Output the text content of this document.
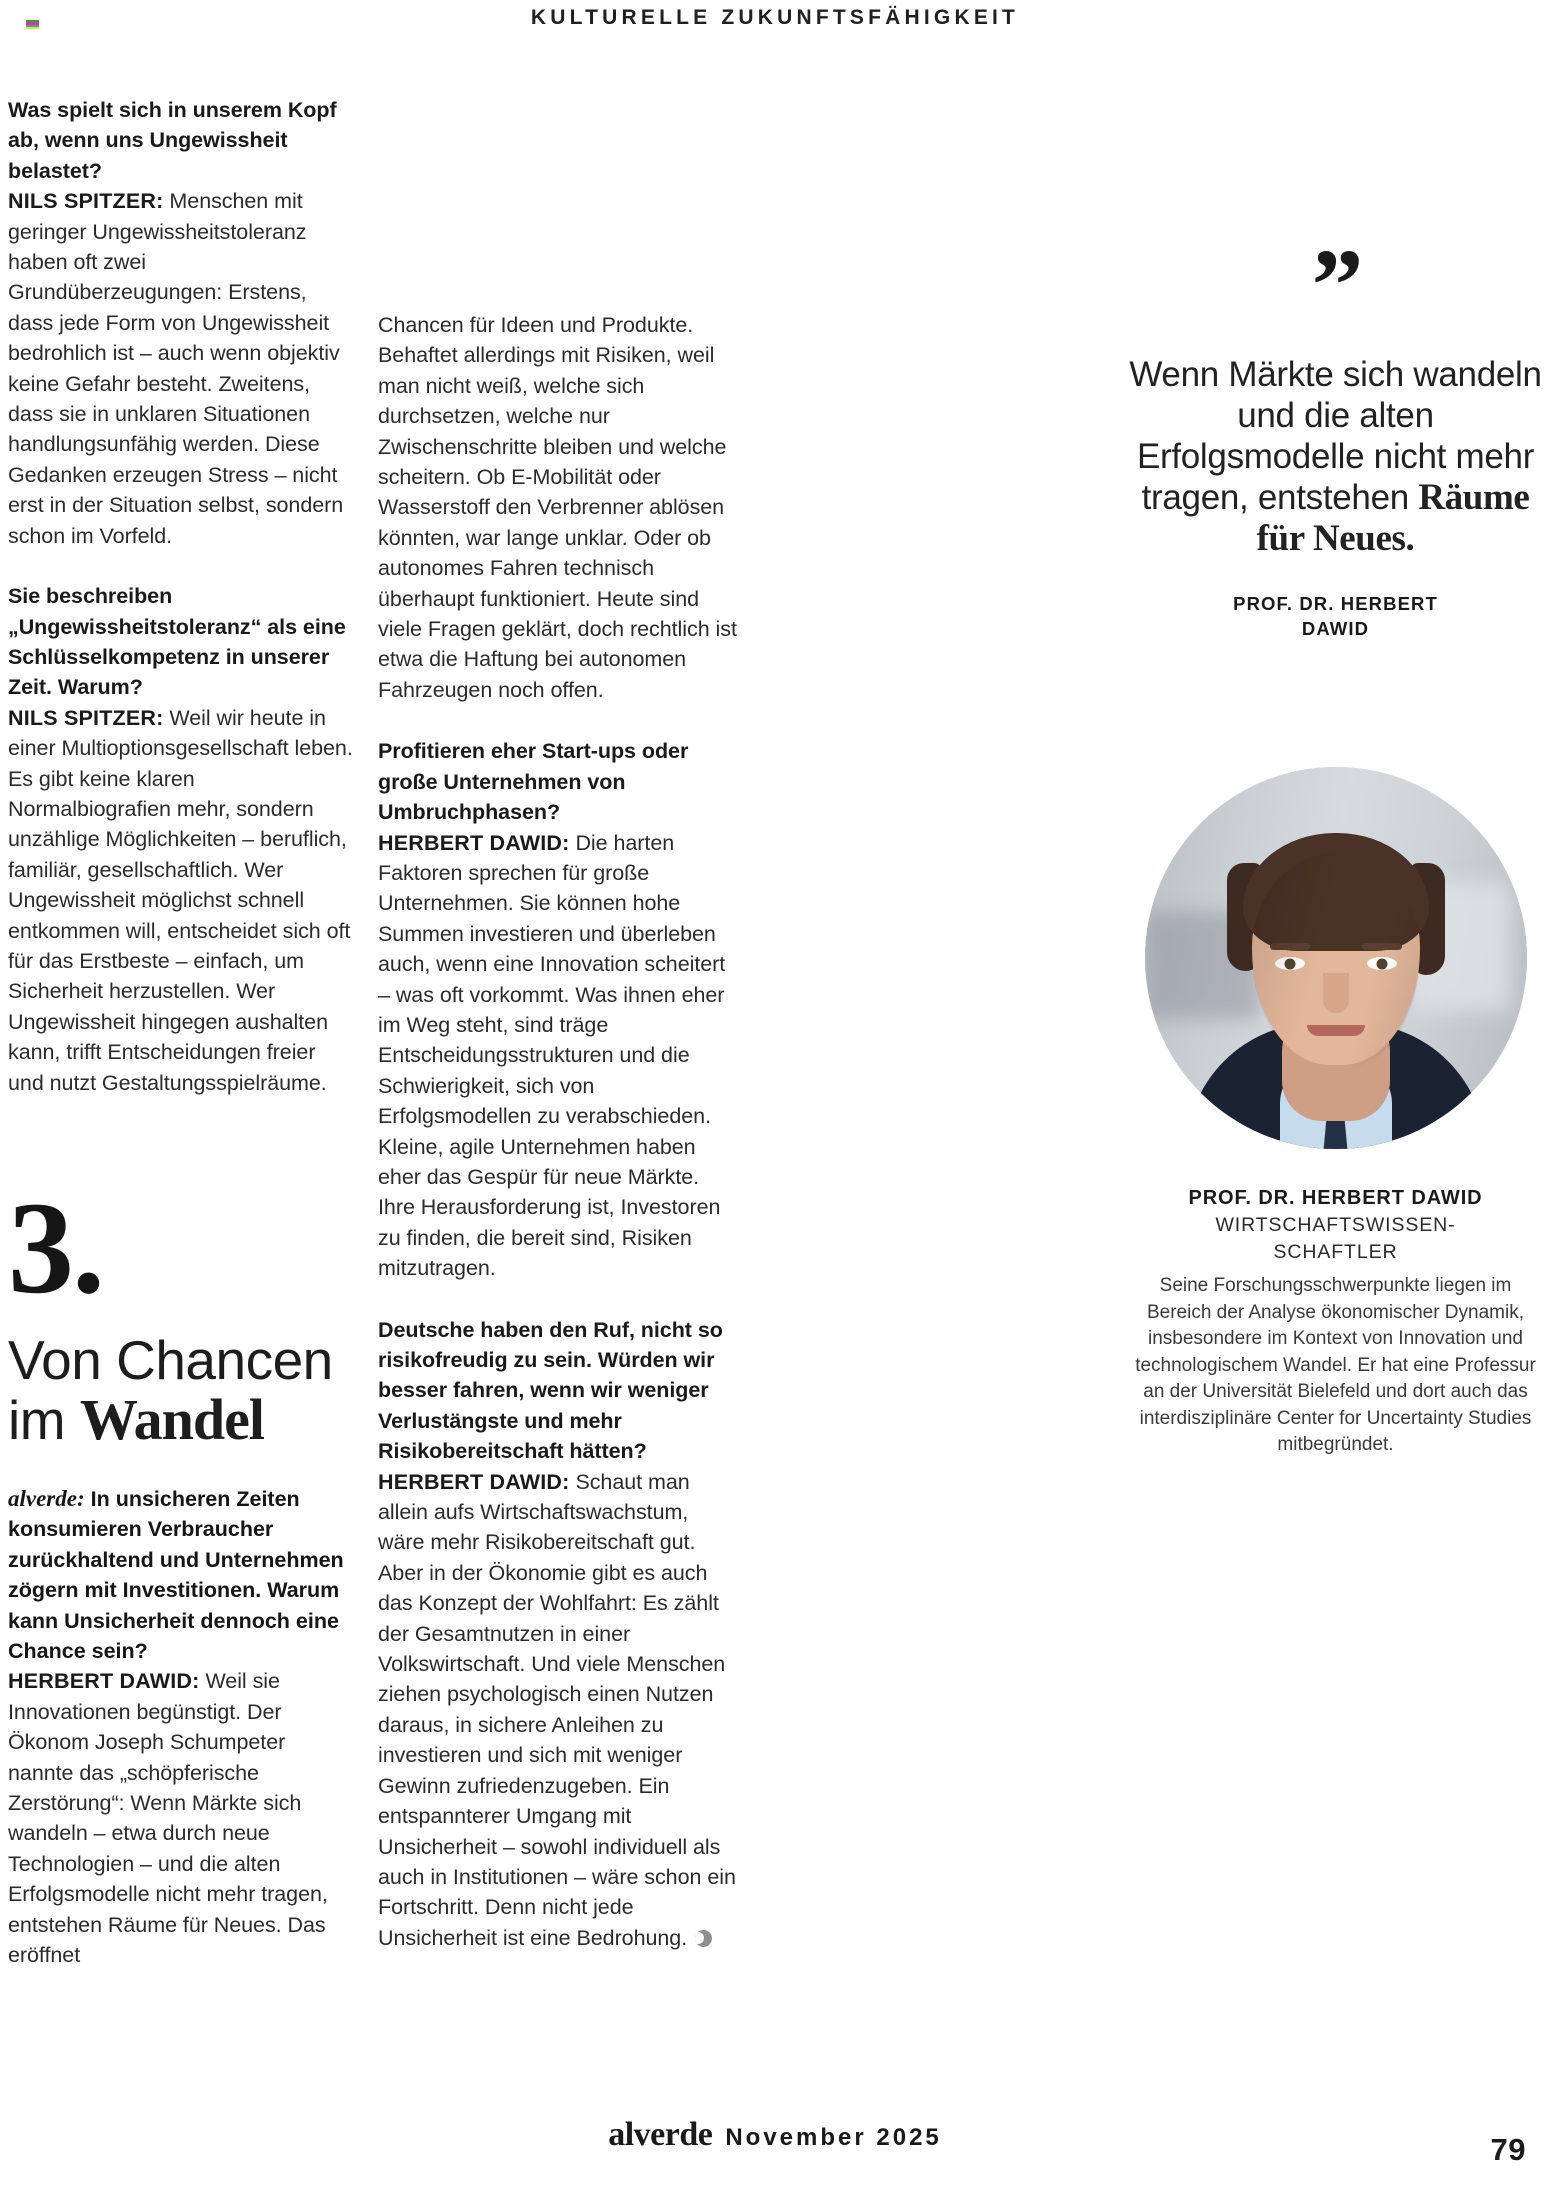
KULTURELLE ZUKUNFTSFÄHIGKEIT

Was spielt sich in unserem Kopf ab, wenn uns Ungewissheit belastet?

NILS SPITZER: Menschen mit geringer Ungewissheitstoleranz haben oft zwei Grundüberzeugungen: Erstens, dass jede Form von Ungewissheit bedrohlich ist – auch wenn objektiv keine Gefahr besteht. Zweitens, dass sie in unklaren Situationen handlungsunfähig werden. Diese Gedanken erzeugen Stress – nicht erst in der Situation selbst, sondern schon im Vorfeld.

Sie beschreiben „Ungewissheitstoleranz“ als eine Schlüsselkompetenz in unserer Zeit. Warum?

NILS SPITZER: Weil wir heute in einer Multioptionsgesellschaft leben. Es gibt keine klaren Normalbiografien mehr, sondern unzählige Möglichkeiten – beruflich, familiär, gesellschaftlich. Wer Ungewissheit möglichst schnell entkommen will, entscheidet sich oft für das Erstbeste – einfach, um Sicherheit herzustellen. Wer Ungewissheit hingegen aushalten kann, trifft Entscheidungen freier und nutzt Gestaltungsspielräume.

3.
Von Chancen
im Wandel
alverde: In unsicheren Zeiten konsumieren Verbraucher zurückhaltend und Unternehmen zögern mit Investitionen. Warum kann Unsicherheit dennoch eine Chance sein?

HERBERT DAWID: Weil sie Innovationen begünstigt. Der Ökonom Joseph Schumpeter nannte das „schöpferische Zerstörung“: Wenn Märkte sich wandeln – etwa durch neue Technologien – und die alten Erfolgsmodelle nicht mehr tragen, entstehen Räume für Neues. Das eröffnet

Chancen für Ideen und Produkte. Behaftet allerdings mit Risiken, weil man nicht weiß, welche sich durchsetzen, welche nur Zwischenschritte bleiben und welche scheitern. Ob E-Mobilität oder Wasserstoff den Verbrenner ablösen könnten, war lange unklar. Oder ob autonomes Fahren technisch überhaupt funktioniert. Heute sind viele Fragen geklärt, doch rechtlich ist etwa die Haftung bei autonomen Fahrzeugen noch offen.

Profitieren eher Start-ups oder große Unternehmen von Umbruchphasen?

HERBERT DAWID: Die harten Faktoren sprechen für große Unternehmen. Sie können hohe Summen investieren und überleben auch, wenn eine Innovation scheitert – was oft vorkommt. Was ihnen eher im Weg steht, sind träge Entscheidungsstrukturen und die Schwierigkeit, sich von Erfolgsmodellen zu verabschieden. Kleine, agile Unternehmen haben eher das Gespür für neue Märkte. Ihre Herausforderung ist, Investoren zu finden, die bereit sind, Risiken mitzutragen.

Deutsche haben den Ruf, nicht so risikofreudig zu sein. Würden wir besser fahren, wenn wir weniger Verlustängste und mehr Risikobereitschaft hätten?

HERBERT DAWID: Schaut man allein aufs Wirtschaftswachstum, wäre mehr Risikobereitschaft gut. Aber in der Ökonomie gibt es auch das Konzept der Wohlfahrt: Es zählt der Gesamtnutzen in einer Volkswirtschaft. Und viele Menschen ziehen psychologisch einen Nutzen daraus, in sichere Anleihen zu investieren und sich mit weniger Gewinn zufriedenzugeben. Ein entspannterer Umgang mit Unsicherheit – sowohl individuell als auch in Institutionen – wäre schon ein Fortschritt. Denn nicht jede Unsicherheit ist eine Bedrohung.

”
Wenn Märkte sich wandeln und die alten Erfolgsmodelle nicht mehr tragen, entstehen Räume für Neues.
PROF. DR. HERBERT
DAWID
PROF. DR. HERBERT DAWID
WIRTSCHAFTSWISSEN-
SCHAFTLER
Seine Forschungsschwerpunkte liegen im Bereich der Analyse ökonomischer Dynamik, insbesondere im Kontext von Innovation und technologischem Wandel. Er hat eine Professur an der Universität Bielefeld und dort auch das interdisziplinäre Center for Uncertainty Studies mitbegründet.
alverde November 2025	79
